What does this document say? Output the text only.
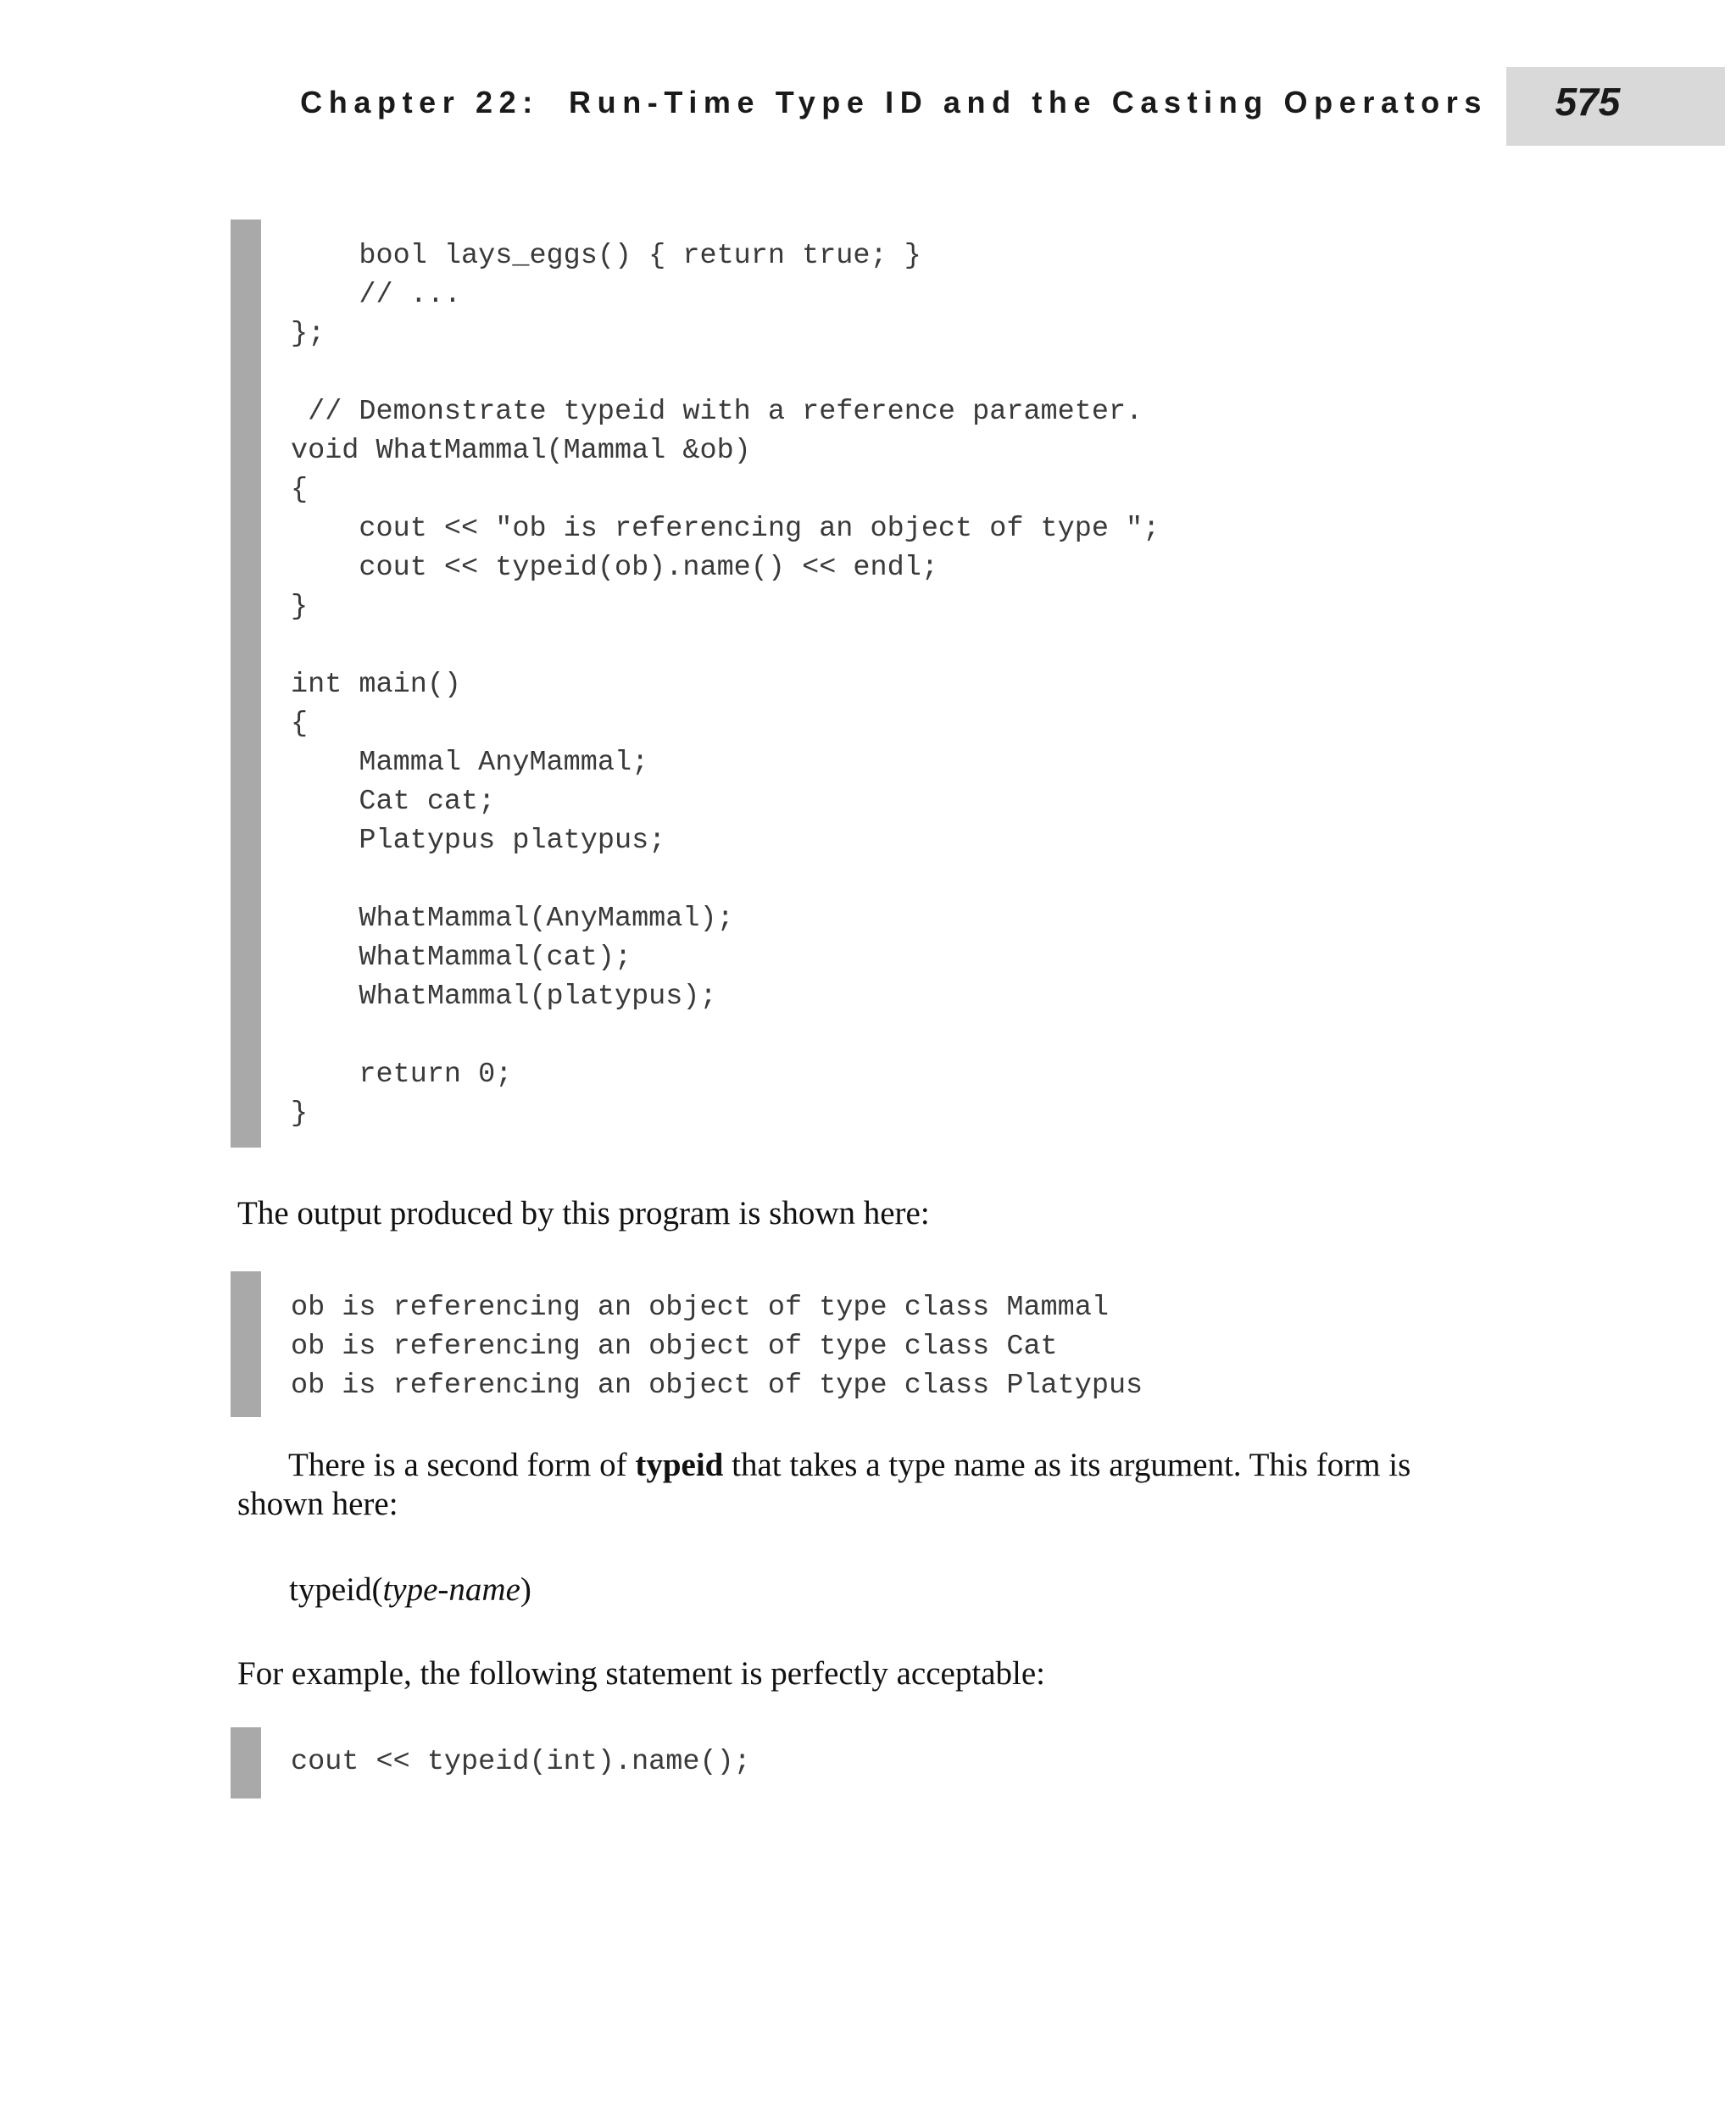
Chapter 22:  Run-Time Type ID and the Casting Operators	575
bool lays_eggs() { return true; }
// ...
};

// Demonstrate typeid with a reference parameter.
void WhatMammal(Mammal &ob)
{
cout << "ob is referencing an object of type ";
cout << typeid(ob).name() << endl;
}

int main()
{
Mammal AnyMammal;
Cat cat;
Platypus platypus;

WhatMammal(AnyMammal);
WhatMammal(cat);
WhatMammal(platypus);

return 0;
}

The output produced by this program is shown here:

ob is referencing an object of type class Mammal
ob is referencing an object of type class Cat
ob is referencing an object of type class Platypus

There is a second form of typeid that takes a type name as its argument. This form is shown here:

typeid(type-name)

For example, the following statement is perfectly acceptable:

cout << typeid(int).name();
